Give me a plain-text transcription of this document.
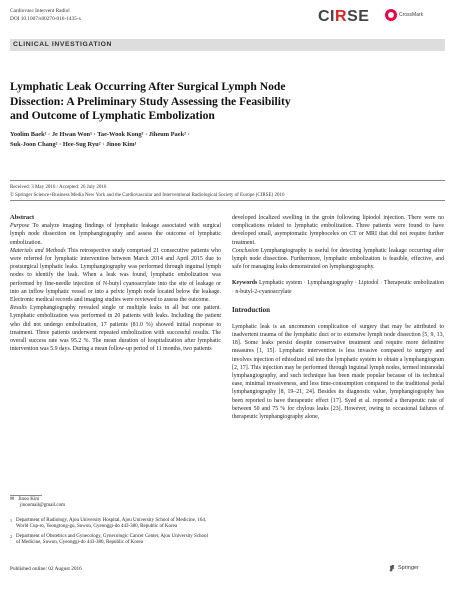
Cardiovasc Intervent Radiol
DOI 10.1007/s00270-016-1435-x	CIRSE	CrossMark
CLINICAL INVESTIGATION
Lymphatic Leak Occurring After Surgical Lymph Node
Dissection: A Preliminary Study Assessing the Feasibility
and Outcome of Lymphatic Embolization
Yoolim Baek¹ · Je Hwan Won¹ · Tae-Wook Kong² · Jiheum Paek² ·
Suk-Joon Chang² · Hee-Sug Ryu² · Jinoo Kim¹
Received: 3 May 2016 / Accepted: 26 July 2016
© Springer Science+Business Media New York and the Cardiovascular and Interventional Radiological Society of Europe (CIRSE) 2016

Abstract

Purpose To analyze imaging findings of lymphatic leakage associated with surgical lymph node dissection on lymphangiography and assess the outcome of lymphatic embolization.

Materials and Methods This retrospective study comprised 21 consecutive patients who were referred for lymphatic intervention between March 2014 and April 2015 due to postsurgical lymphatic leaks. Lymphangiography was performed through inguinal lymph nodes to identify the leak. When a leak was found, lymphatic embolization was performed by fine-needle injection of N-butyl cyanoacrylate into the site of leakage or into an inflow lymphatic vessel or into a pelvic lymph node located below the leakage. Electronic medical records and imaging studies were reviewed to assess the outcome.

Results Lymphangiography revealed single or multiple leaks in all but one patient. Lymphatic embolization was performed in 20 patients with leaks. Including the patient who did not undergo embolization, 17 patients (81.0 %) showed initial response to treatment. Three patients underwent repeated embolization with successful results. The overall success rate was 95.2 %. The mean duration of hospitalization after lymphatic intervention was 5.9 days. During a mean follow-up period of 11 months, two patients

✉ Jinoo Kim
jinoomail@gmail.com
1 Department of Radiology, Ajou University Hospital, Ajou University School of Medicine, 164, World Cup-ro, Yeongtong-gu, Suwon, Gyeonggi-do 443-380, Republic of Korea
2 Department of Obstetrics and Gynecology, Gynecologic Cancer Center, Ajou University School of Medicine, Suwon, Gyeonggi-do 443-380, Republic of Korea

developed localized swelling in the groin following lipiodol injection. There were no complications related to lymphatic embolization. Three patients were found to have developed small, asymptomatic lymphoceles on CT or MRI that did not require further treatment.

Conclusion Lymphangiography is useful for detecting lymphatic leakage occurring after lymph node dissection. Furthermore, lymphatic embolization is feasible, effective, and safe for managing leaks demonstrated on lymphangiography.

Keywords Lymphatic system · Lymphangiography · Lipiodol · Therapeutic embolization · n-butyl-2-cyanoacrylate

Introduction

Lymphatic leak is an uncommon complication of surgery that may be attributed to inadvertent trauma of the lymphatic duct or to extensive lymph node dissection [5, 9, 13, 18]. Some leaks persist despite conservative treatment and require more definitive measures [1, 15]. Lymphatic intervention is less invasive compared to surgery and involves injection of ethiodized oil into the lymphatic system to obtain a lymphangiogram [2, 17]. This injection may be performed through inguinal lymph nodes, termed intranodal lymphangiography, and such technique has been made popular because of its technical ease, minimal invasiveness, and less time-consumption compared to the traditional pedal lymphangiography [8, 19–21, 24]. Besides its diagnostic value, lymphangiography has been reported to have therapeutic effect [17]. Syed et al. reported a therapeutic rate of between 50 and 75 % for chylous leaks [23]. However, owing to occasional failures of therapeutic lymphangiography alone,

Published online: 02 August 2016	Springer
